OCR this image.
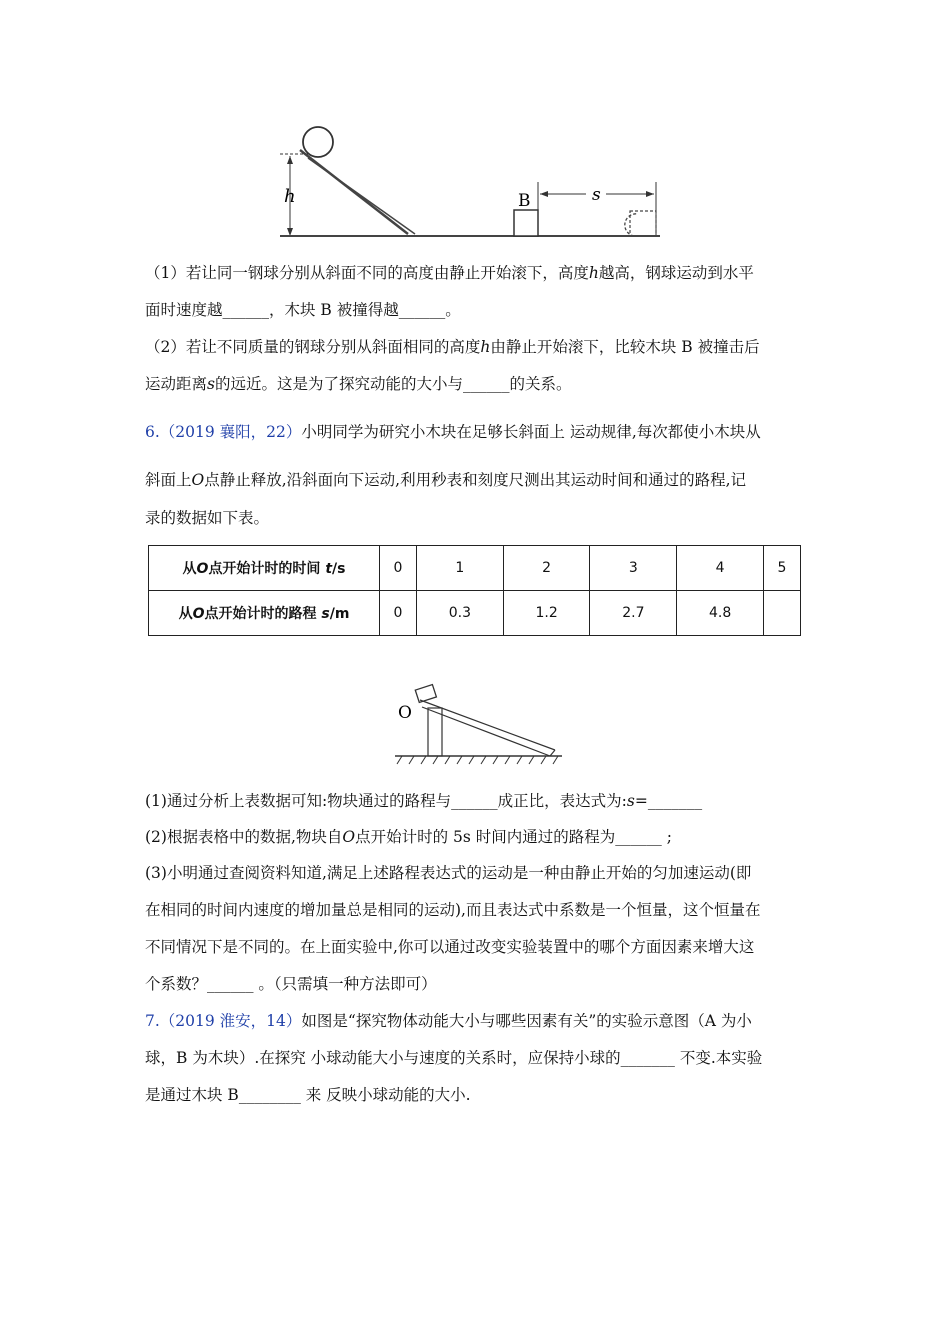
h	B	s
（1）若让同一钢球分别从斜面不同的高度由静止开始滚下，高度h越高，钢球运动到水平
面时速度越______，木块 B 被撞得越______。
（2）若让不同质量的钢球分别从斜面相同的高度h由静止开始滚下，比较木块 B 被撞击后
运动距离s的远近。这是为了探究动能的大小与______的关系。
6.（2019 襄阳，22）小明同学为研究小木块在足够长斜面上 运动规律,每次都使小木块从
斜面上O点静止释放,沿斜面向下运动,利用秒表和刻度尺测出其运动时间和通过的路程,记
录的数据如下表。
从O点开始计时的时间 t/s	0	1	2	3	4	5
从O点开始计时的路程 s/m	0	0.3	1.2	2.7	4.8	
O
(1)通过分析上表数据可知:物块通过的路程与______成正比，表达式为:s=_______
(2)根据表格中的数据,物块自O点开始计时的 5s 时间内通过的路程为______ ;
(3)小明通过查阅资料知道,满足上述路程表达式的运动是一种由静止开始的匀加速运动(即
在相同的时间内速度的增加量总是相同的运动),而且表达式中系数是一个恒量，这个恒量在
不同情况下是不同的。在上面实验中,你可以通过改变实验装置中的哪个方面因素来增大这
个系数？______ 。（只需填一种方法即可）
7.（2019 淮安，14）如图是“探究物体动能大小与哪些因素有关”的实验示意图（A 为小
球，B 为木块）.在探究 小球动能大小与速度的关系时，应保持小球的_______ 不变.本实验
是通过木块 B________ 来 反映小球动能的大小.
